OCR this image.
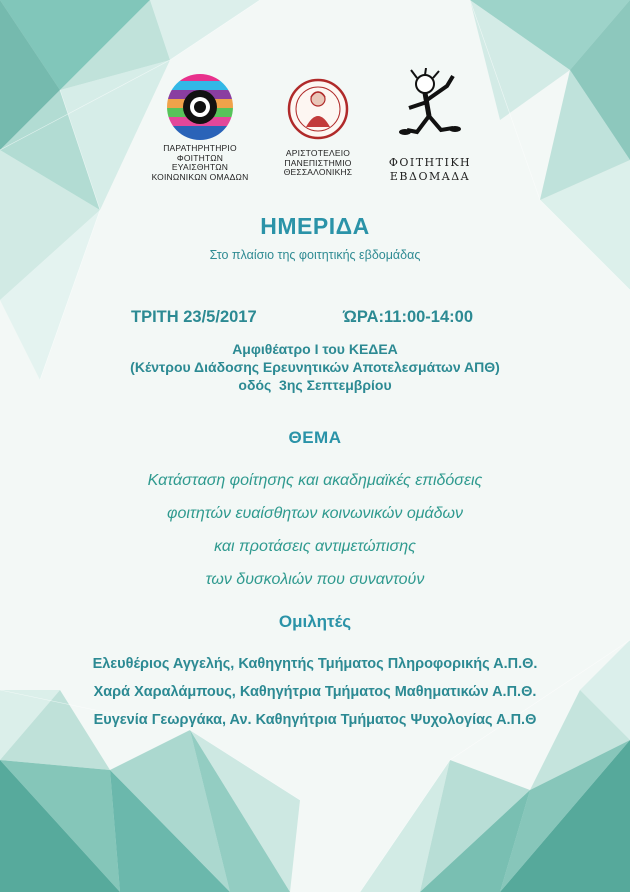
ΠΑΡΑΤΗΡΗΤΗΡΙΟ
ΦΟΙΤΗΤΩΝ
ΕΥΑΙΣΘΗΤΩΝ
ΚΟΙΝΩΝΙΚΩΝ ΟΜΑΔΩΝ
ΑΡΙΣΤΟΤΕΛΕΙΟ
ΠΑΝΕΠΙΣΤΗΜΙΟ
ΘΕΣΣΑΛΟΝΙΚΗΣ
ΦΟΙΤΗΤΙΚΗ
ΕΒΔΟΜΑΔΑ
ΗΜΕΡΙΔΑ
Στο πλαίσιο της φοιτητικής εβδομάδας
ΤΡΙΤΗ 23/5/2017	ΏΡΑ:11:00-14:00
Αμφιθέατρο Ι του ΚΕΔΕΑ
(Κέντρου Διάδοσης Ερευνητικών Αποτελεσμάτων ΑΠΘ)
οδός  3ης Σεπτεμβρίου
ΘΕΜΑ
Κατάσταση φοίτησης και ακαδημαϊκές επιδόσεις
φοιτητών ευαίσθητων κοινωνικών ομάδων
και προτάσεις αντιμετώπισης
των δυσκολιών που συναντούν
Ομιλητές
Ελευθέριος Αγγελής, Καθηγητής Τμήματος Πληροφορικής Α.Π.Θ.
Χαρά Χαραλάμπους, Καθηγήτρια Τμήματος Μαθηματικών Α.Π.Θ.
Ευγενία Γεωργάκα, Αν. Καθηγήτρια Τμήματος Ψυχολογίας Α.Π.Θ
